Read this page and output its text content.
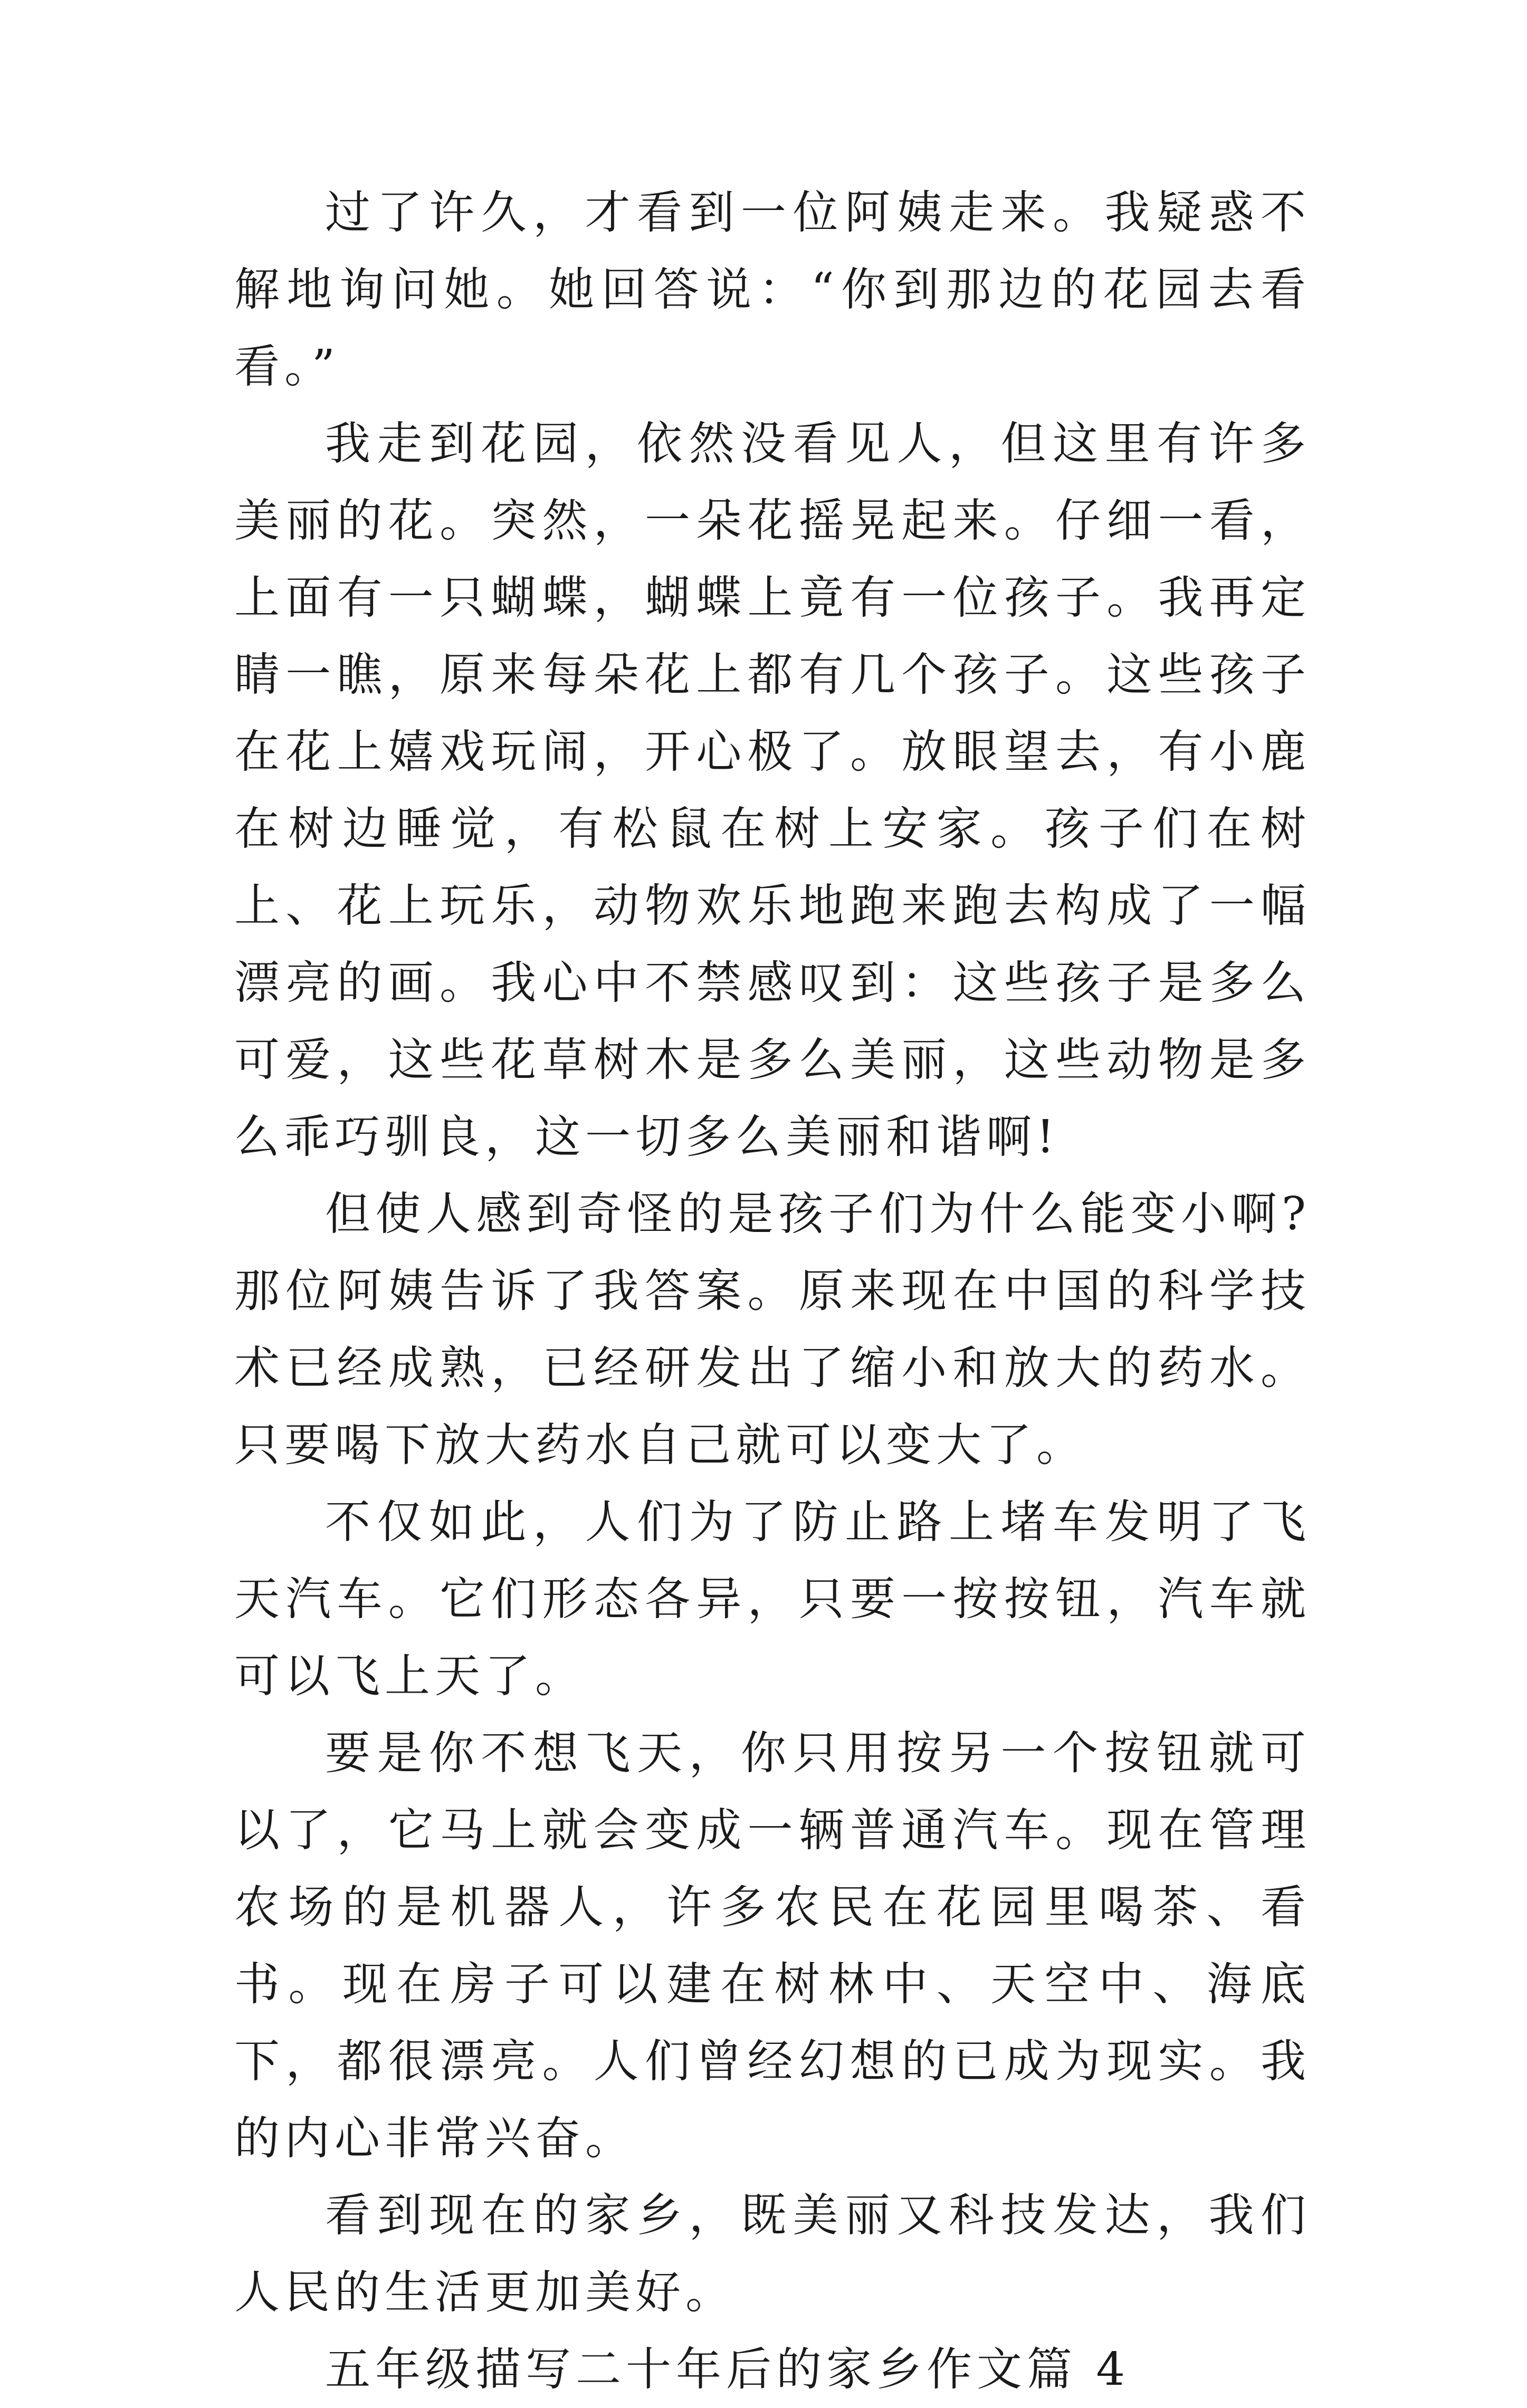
过了许久，才看到一位阿姨走来。我疑惑不解地询问她。她回答说：“你到那边的花园去看看。”

我走到花园，依然没看见人，但这里有许多美丽的花。突然，一朵花摇晃起来。仔细一看，上面有一只蝴蝶，蝴蝶上竟有一位孩子。我再定睛一瞧，原来每朵花上都有几个孩子。这些孩子在花上嬉戏玩闹，开心极了。放眼望去，有小鹿在树边睡觉，有松鼠在树上安家。孩子们在树上、花上玩乐，动物欢乐地跑来跑去构成了一幅漂亮的画。我心中不禁感叹到：这些孩子是多么可爱，这些花草树木是多么美丽，这些动物是多么乖巧驯良，这一切多么美丽和谐啊!

但使人感到奇怪的是孩子们为什么能变小啊?那位阿姨告诉了我答案。原来现在中国的科学技术已经成熟，已经研发出了缩小和放大的药水。只要喝下放大药水自己就可以变大了。

不仅如此，人们为了防止路上堵车发明了飞天汽车。它们形态各异，只要一按按钮，汽车就可以飞上天了。

要是你不想飞天，你只用按另一个按钮就可以了，它马上就会变成一辆普通汽车。现在管理农场的是机器人，许多农民在花园里喝茶、看书。现在房子可以建在树林中、天空中、海底下，都很漂亮。人们曾经幻想的已成为现实。我的内心非常兴奋。

看到现在的家乡，既美丽又科技发达，我们人民的生活更加美好。

五年级描写二十年后的家乡作文篇 4
